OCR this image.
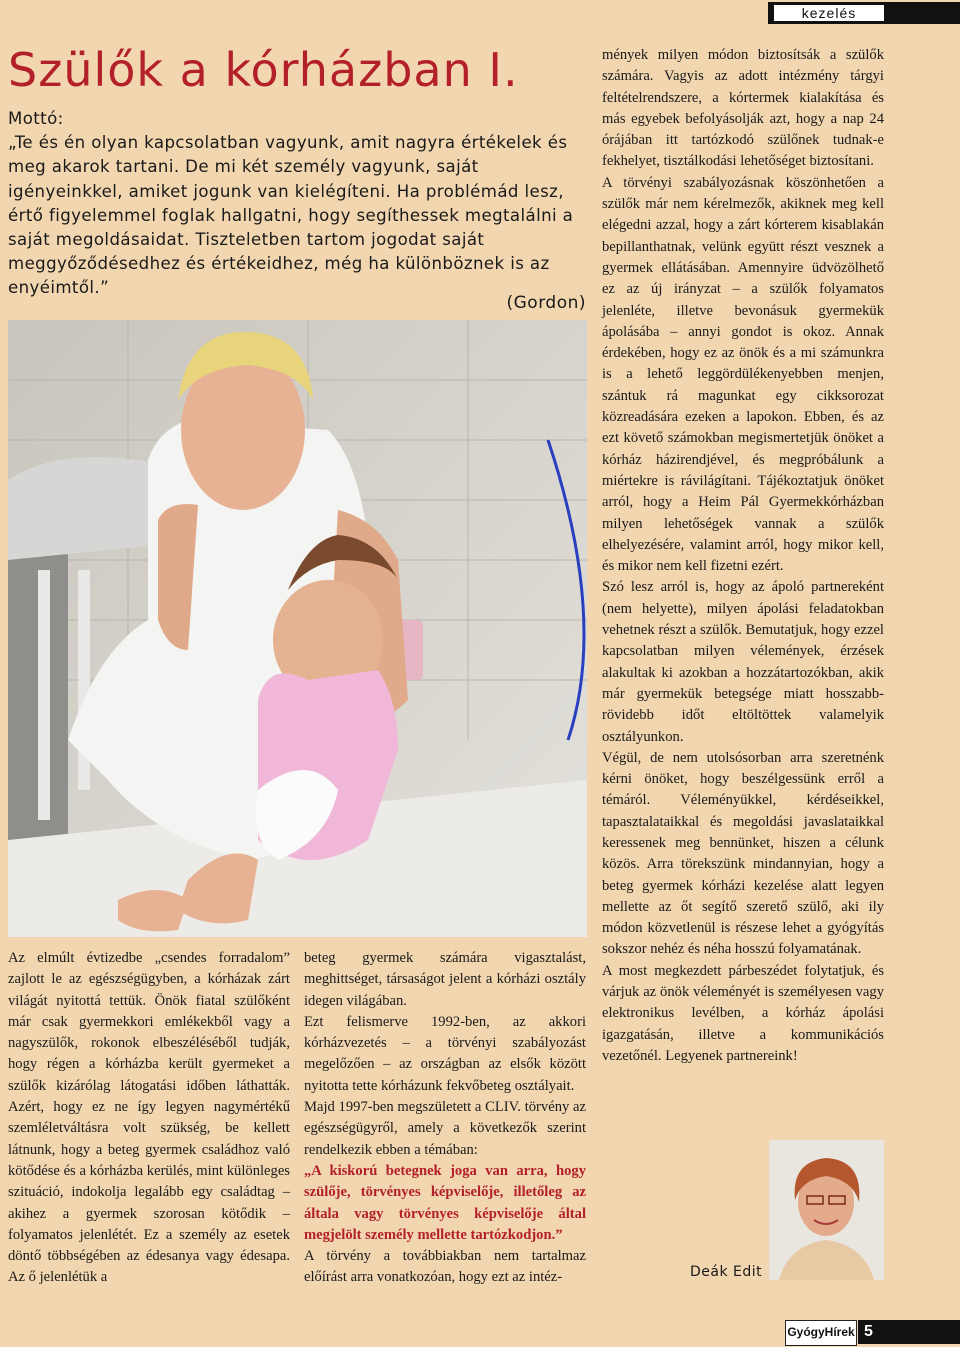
kezelés
Szülők a kórházban I.
Mottó:
„Te és én olyan kapcsolatban vagyunk, amit nagyra értékelek és meg akarok tartani. De mi két személy vagyunk, saját igényeinkkel, amiket jogunk van kielégíteni. Ha problémád lesz, értő figyelemmel foglak hallgatni, hogy segíthessek megtalálni a saját megoldásaidat. Tiszteletben tartom jogodat saját meggyőződésedhez és értékeidhez, még ha különböznek is az enyéimtől.”
(Gordon)

Az elmúlt évtizedbe „csendes forradalom” zajlott le az egészségügyben, a kórházak zárt világát nyitottá tettük. Önök fiatal szülőként már csak gyermekkori emlékekből vagy a nagyszülők, rokonok elbeszéléséből tudják, hogy régen a kórházba került gyermeket a szülők kizárólag látogatási időben láthatták. Azért, hogy ez ne így legyen nagymértékű szemléletváltásra volt szükség, be kellett látnunk, hogy a beteg gyermek családhoz való kötődése és a kórházba kerülés, mint különleges szituáció, indokolja legalább egy családtag – akihez a gyermek szorosan kötődik – folyamatos jelenlétét. Ez a személy az esetek döntő többségében az édesanya vagy édesapa. Az ő jelenlétük a

beteg gyermek számára vigasztalást, meghittséget, társaságot jelent a kórházi osztály idegen világában.

Ezt felismerve 1992-ben, az akkori kórházvezetés – a törvényi szabályozást megelőzően – az országban az elsők között nyitotta tette kórházunk fekvőbeteg osztályait.

Majd 1997-ben megszületett a CLIV. törvény az egészségügyről, amely a következők szerint rendelkezik ebben a témában:

„A kiskorú betegnek joga van arra, hogy szülője, törvényes képviselője, illetőleg az általa vagy törvényes képviselője által megjelölt személy mellette tartózkodjon.”

A törvény a továbbiakban nem tartalmaz előírást arra vonatkozóan, hogy ezt az intéz-

mények milyen módon biztosítsák a szülők számára. Vagyis az adott intézmény tárgyi feltételrendszere, a kórtermek kialakítása és más egyebek befolyásolják azt, hogy a nap 24 órájában itt tartózkodó szülőnek tudnak-e fekhelyet, tisztálkodási lehetőséget biztosítani.

A törvényi szabályozásnak köszönhetően a szülők már nem kérelmezők, akiknek meg kell elégedni azzal, hogy a zárt kórterem kisablakán bepillanthatnak, velünk együtt részt vesznek a gyermek ellátásában. Amennyire üdvözölhető ez az új irányzat – a szülők folyamatos jelenléte, illetve bevonásuk gyermekük ápolásába – annyi gondot is okoz. Annak érdekében, hogy ez az önök és a mi számunkra is a lehető leggördülékenyebben menjen, szántuk rá magunkat egy cikksorozat közreadására ezeken a lapokon. Ebben, és az ezt követő számokban megismertetjük önöket a kórház házirendjével, és megpróbálunk a miértekre is rávilágítani. Tájékoztatjuk önöket arról, hogy a Heim Pál Gyermekkórházban milyen lehetőségek vannak a szülők elhelyezésére, valamint arról, hogy mikor kell, és mikor nem kell fizetni ezért.

Szó lesz arról is, hogy az ápoló partnereként (nem helyette), milyen ápolási feladatokban vehetnek részt a szülők. Bemutatjuk, hogy ezzel kapcsolatban milyen vélemények, érzések alakultak ki azokban a hozzátartozókban, akik már gyermekük betegsége miatt hosszabb-rövidebb időt eltöltöttek valamelyik osztályunkon.

Végül, de nem utolsósorban arra szeretnénk kérni önöket, hogy beszélgessünk erről a témáról. Véleményükkel, kérdéseikkel, tapasztalataikkal és megoldási javaslataikkal keressenek meg bennünket, hiszen a célunk közös. Arra törekszünk mindannyian, hogy a beteg gyermek kórházi kezelése alatt legyen mellette az őt segítő szerető szülő, aki ily módon közvetlenül is részese lehet a gyógyítás sokszor nehéz és néha hosszú folyamatának.

A most megkezdett párbeszédet folytatjuk, és várjuk az önök véleményét is személyesen vagy elektronikus levélben, a kórház ápolási igazgatásán, illetve a kommunikációs vezetőnél. Legyenek partnereink!

Deák Edit
GyógyHírek 5
